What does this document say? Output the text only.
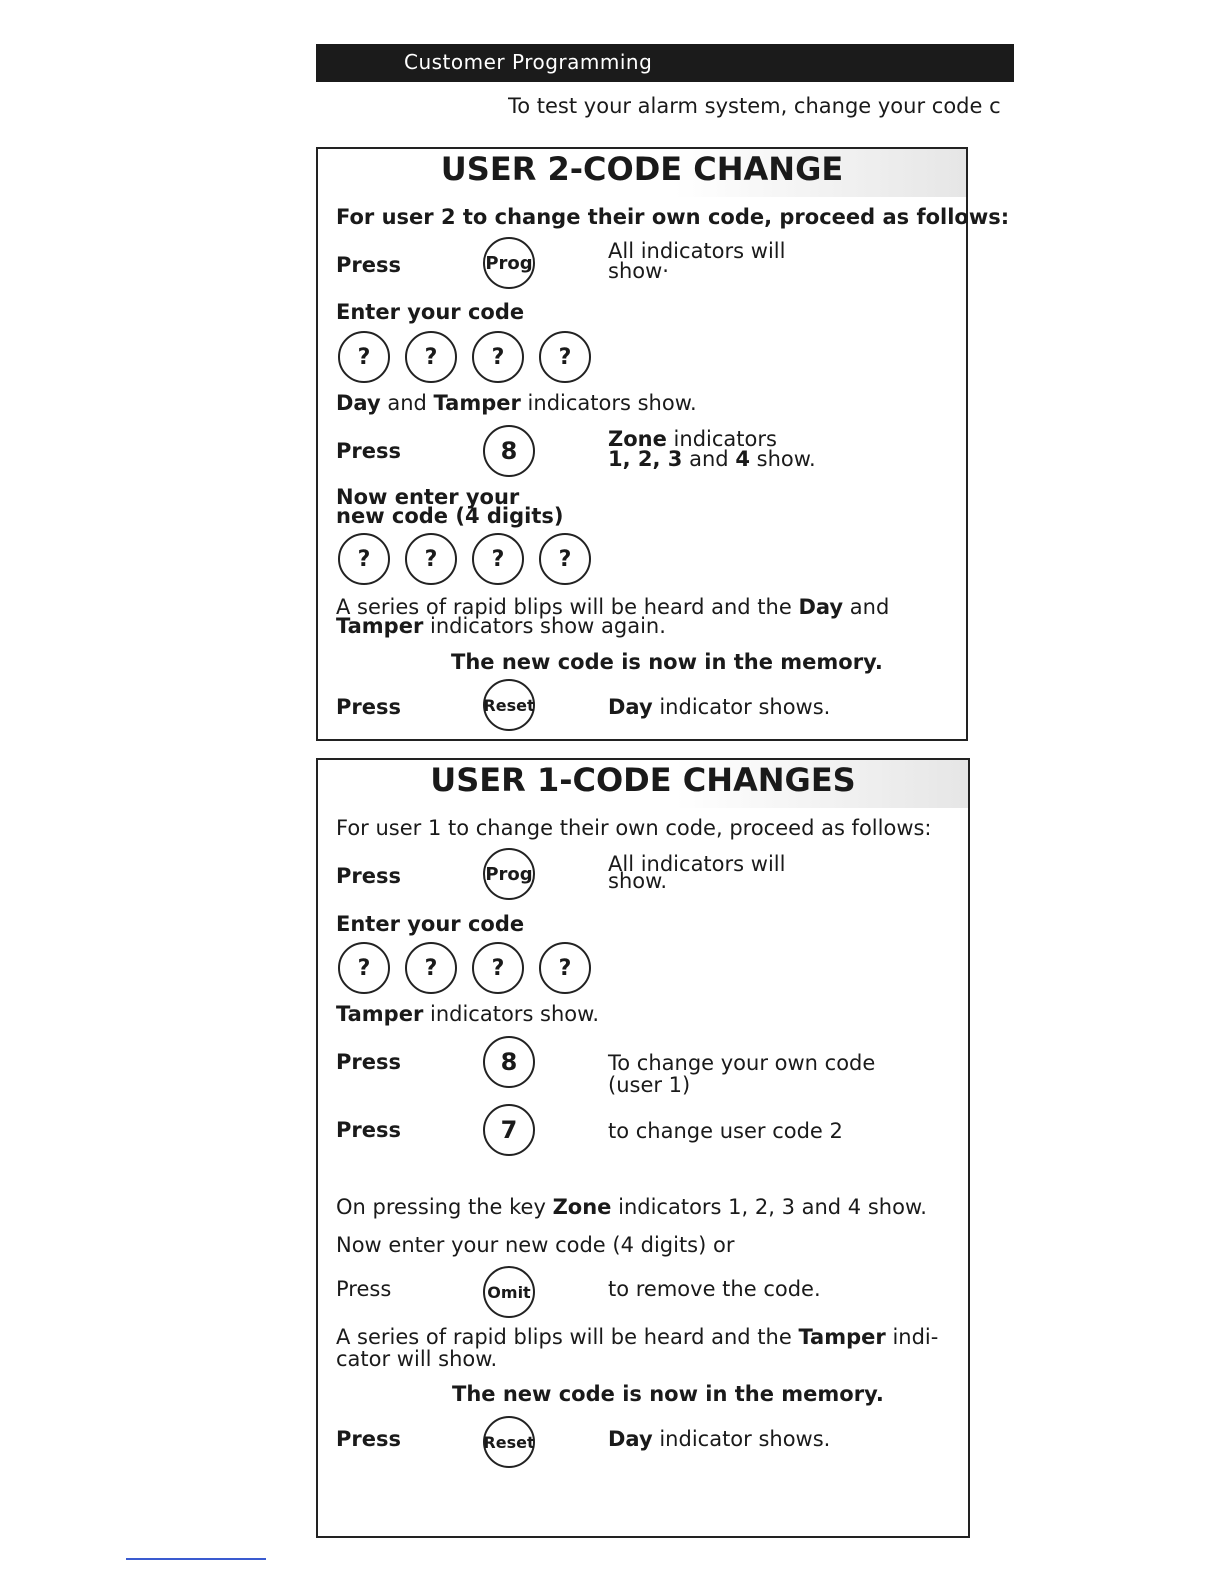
Customer Programming
To test your alarm system, change your code c
USER 2-CODE CHANGE
For user 2 to change their own code, proceed as follows:
Press	Prog	All indicators will
show·
Enter your code
?	?	?	?
Day and Tamper indicators show.
Press	8	Zone indicators
1, 2, 3 and 4 show.
Now enter your
new code (4 digits)
?	?	?	?
A series of rapid blips will be heard and the Day and
Tamper indicators show again.
The new code is now in the memory.
Press	Reset	Day indicator shows.
USER 1-CODE CHANGES
For user 1 to change their own code, proceed as follows:
Press	Prog	All indicators will
show.
Enter your code
?	?	?	?
Tamper indicators show.
Press	8	To change your own code
(user 1)
Press	7	to change user code 2
On pressing the key Zone indicators 1, 2, 3 and 4 show.
Now enter your new code (4 digits) or
Press	Omit	to remove the code.
A series of rapid blips will be heard and the Tamper indi-
cator will show.
The new code is now in the memory.
Press	Reset	Day indicator shows.
